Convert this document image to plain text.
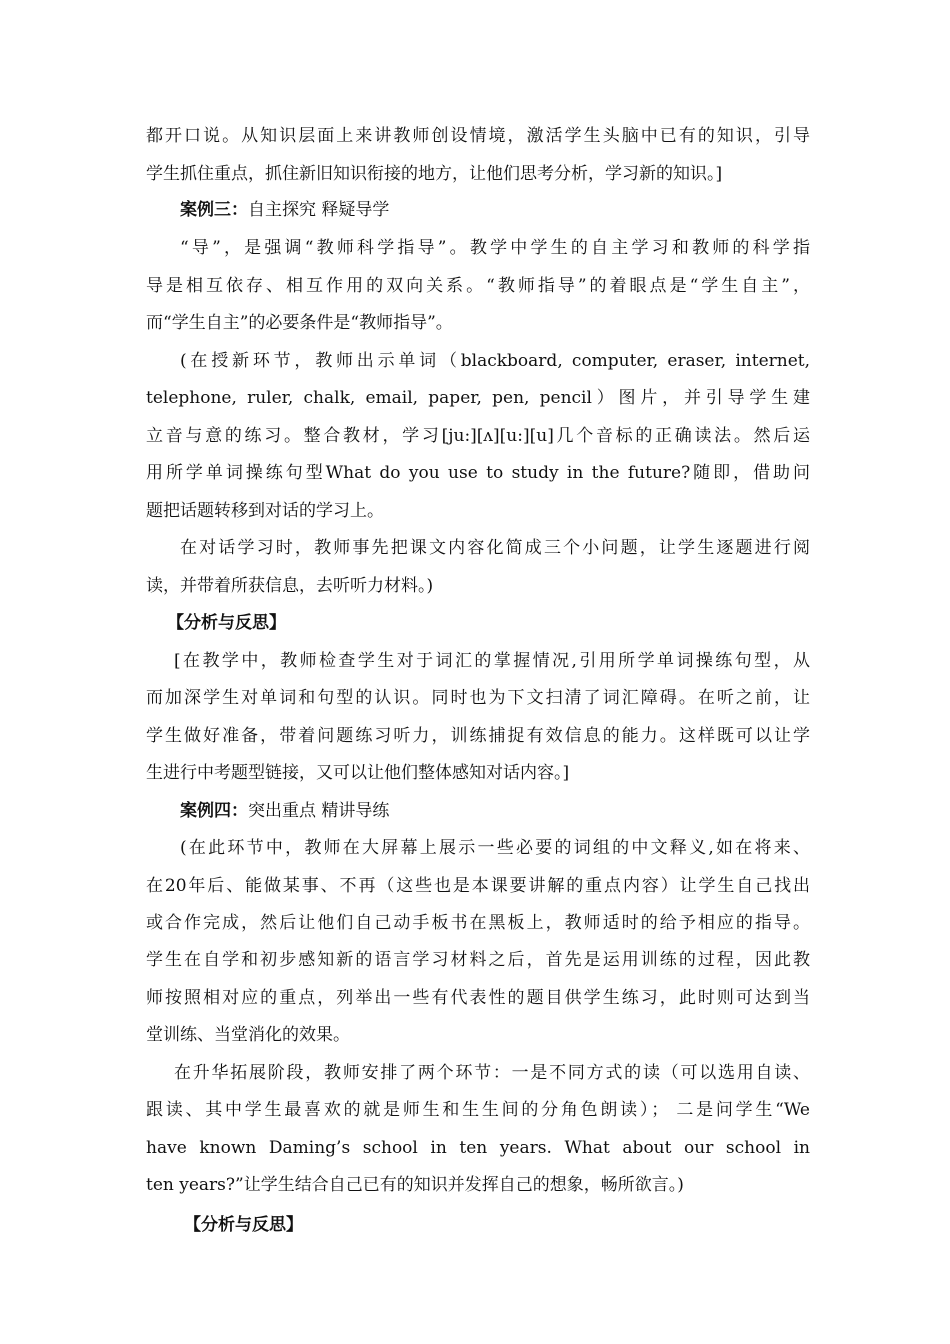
都开口说。从知识层面上来讲教师创设情境，激活学生头脑中已有的知识，引导
学生抓住重点，抓住新旧知识衔接的地方，让他们思考分析，学习新的知识。]
案例三：自主探究 释疑导学
“导”，是强调“教师科学指导”。教学中学生的自主学习和教师的科学指
导是相互依存、相互作用的双向关系。“教师指导”的着眼点是“学生自主”，
而“学生自主”的必要条件是“教师指导”。
(在授新环节，教师出示单词（blackboard, computer, eraser, internet,
telephone, ruler, chalk, email, paper, pen, pencil）图片，并引导学生建
立音与意的练习。整合教材，学习[ju:][ʌ][u:][u]几个音标的正确读法。然后运
用所学单词操练句型What do you use to study in the future?随即，借助问
题把话题转移到对话的学习上。
在对话学习时，教师事先把课文内容化简成三个小问题，让学生逐题进行阅
读，并带着所获信息，去听听力材料。)
【分析与反思】
[在教学中，教师检查学生对于词汇的掌握情况,引用所学单词操练句型，从
而加深学生对单词和句型的认识。同时也为下文扫清了词汇障碍。在听之前，让
学生做好准备，带着问题练习听力，训练捕捉有效信息的能力。这样既可以让学
生进行中考题型链接，又可以让他们整体感知对话内容。]
案例四：突出重点 精讲导练
(在此环节中，教师在大屏幕上展示一些必要的词组的中文释义,如在将来、
在20年后、能做某事、不再（这些也是本课要讲解的重点内容）让学生自己找出
或合作完成，然后让他们自己动手板书在黑板上，教师适时的给予相应的指导。
学生在自学和初步感知新的语言学习材料之后，首先是运用训练的过程，因此教
师按照相对应的重点，列举出一些有代表性的题目供学生练习，此时则可达到当
堂训练、当堂消化的效果。
在升华拓展阶段，教师安排了两个环节：一是不同方式的读（可以选用自读、
跟读、其中学生最喜欢的就是师生和生生间的分角色朗读）； 二是问学生“We
have known Daming’s school in ten years. What about our school in
ten years?”让学生结合自己已有的知识并发挥自己的想象，畅所欲言。)
【分析与反思】
